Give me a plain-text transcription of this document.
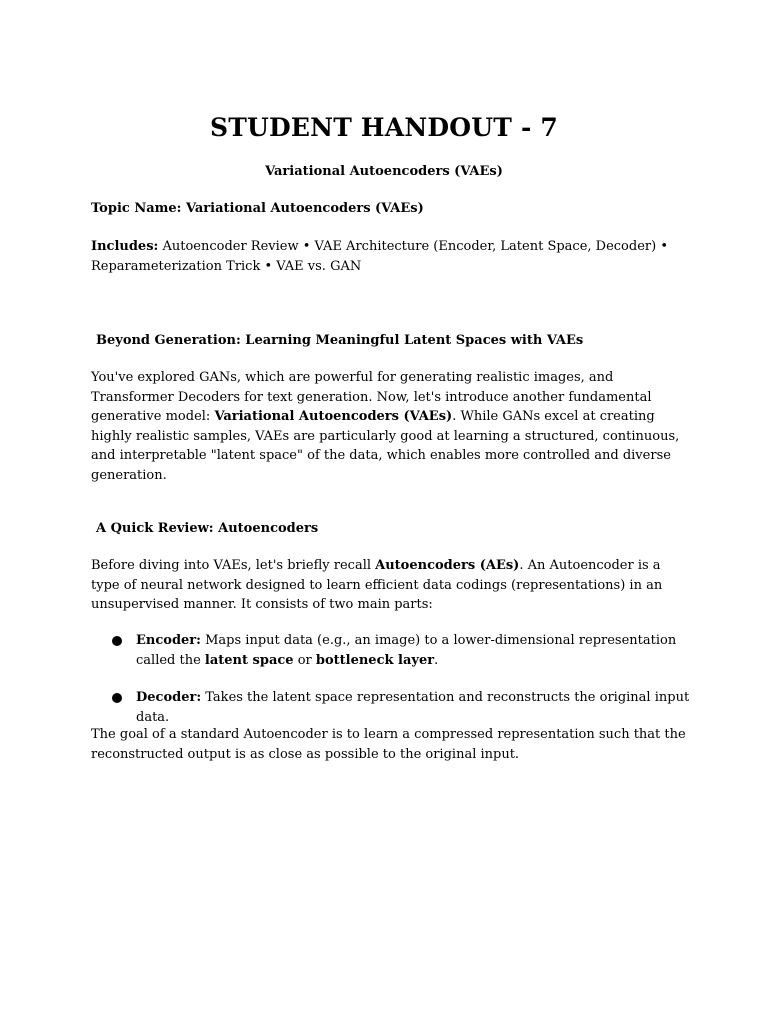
STUDENT HANDOUT - 7

Variational Autoencoders (VAEs)

Topic Name: Variational Autoencoders (VAEs)

Includes: Autoencoder Review • VAE Architecture (Encoder, Latent Space, Decoder) • Reparameterization Trick • VAE vs. GAN

Beyond Generation: Learning Meaningful Latent Spaces with VAEs

You've explored GANs, which are powerful for generating realistic images, and Transformer Decoders for text generation. Now, let's introduce another fundamental generative model: Variational Autoencoders (VAEs). While GANs excel at creating highly realistic samples, VAEs are particularly good at learning a structured, continuous, and interpretable "latent space" of the data, which enables more controlled and diverse generation.

A Quick Review: Autoencoders

Before diving into VAEs, let's briefly recall Autoencoders (AEs). An Autoencoder is a type of neural network designed to learn efficient data codings (representations) in an unsupervised manner. It consists of two main parts:

Encoder: Maps input data (e.g., an image) to a lower-dimensional representation called the latent space or bottleneck layer.
Decoder: Takes the latent space representation and reconstructs the original input data.

The goal of a standard Autoencoder is to learn a compressed representation such that the reconstructed output is as close as possible to the original input.
